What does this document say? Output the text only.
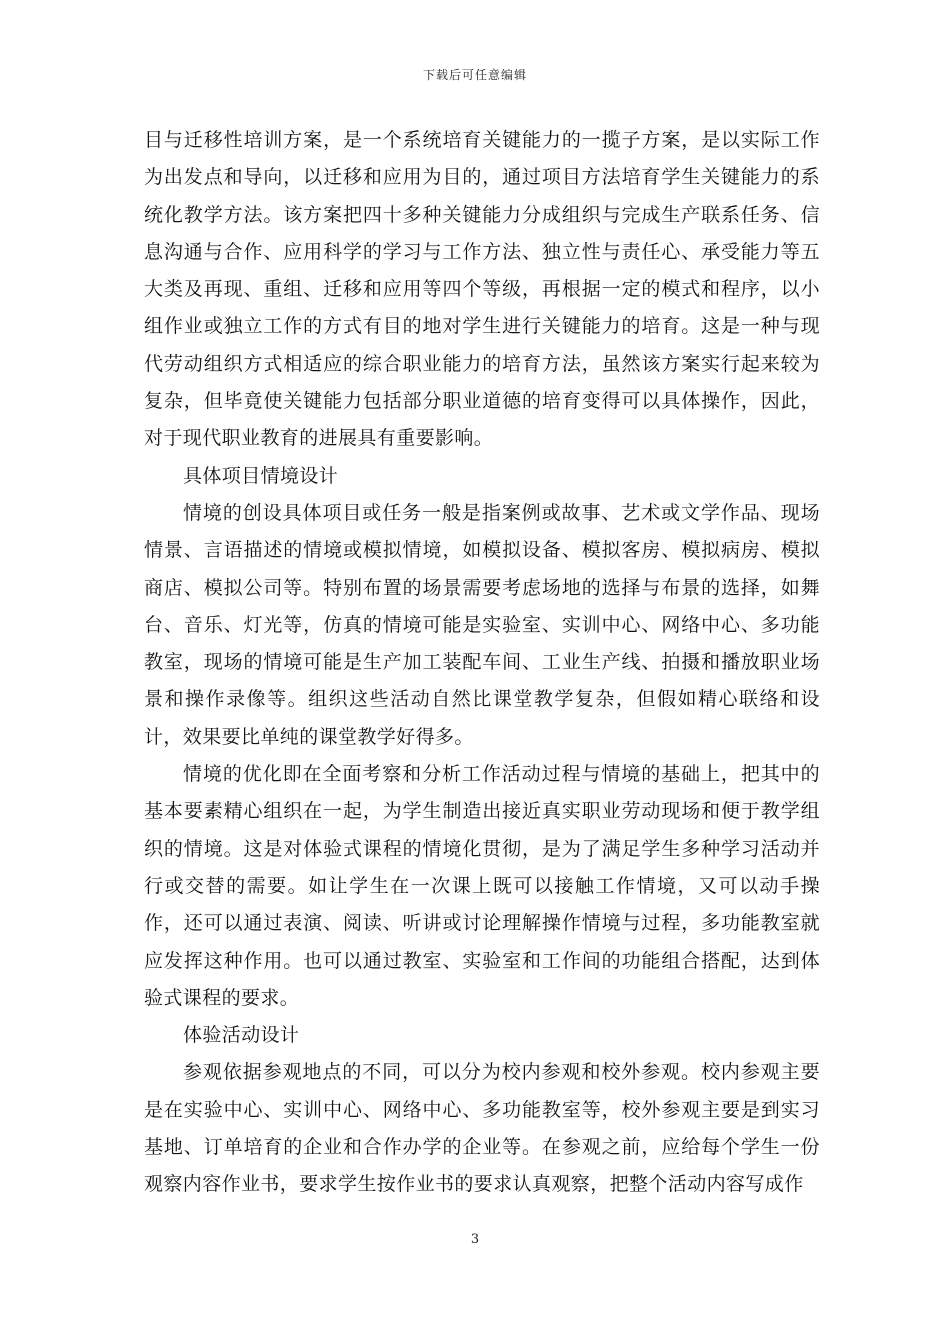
下载后可任意编辑

目与迁移性培训方案，是一个系统培育关键能力的一揽子方案，是以实际工作为出发点和导向，以迁移和应用为目的，通过项目方法培育学生关键能力的系统化教学方法。该方案把四十多种关键能力分成组织与完成生产联系任务、信息沟通与合作、应用科学的学习与工作方法、独立性与责任心、承受能力等五大类及再现、重组、迁移和应用等四个等级，再根据一定的模式和程序，以小组作业或独立工作的方式有目的地对学生进行关键能力的培育。这是一种与现代劳动组织方式相适应的综合职业能力的培育方法，虽然该方案实行起来较为复杂，但毕竟使关键能力包括部分职业道德的培育变得可以具体操作，因此，对于现代职业教育的进展具有重要影响。

具体项目情境设计

情境的创设具体项目或任务一般是指案例或故事、艺术或文学作品、现场情景、言语描述的情境或模拟情境，如模拟设备、模拟客房、模拟病房、模拟商店、模拟公司等。特别布置的场景需要考虑场地的选择与布景的选择，如舞台、音乐、灯光等，仿真的情境可能是实验室、实训中心、网络中心、多功能教室，现场的情境可能是生产加工装配车间、工业生产线、拍摄和播放职业场景和操作录像等。组织这些活动自然比课堂教学复杂，但假如精心联络和设计，效果要比单纯的课堂教学好得多。

情境的优化即在全面考察和分析工作活动过程与情境的基础上，把其中的基本要素精心组织在一起，为学生制造出接近真实职业劳动现场和便于教学组织的情境。这是对体验式课程的情境化贯彻，是为了满足学生多种学习活动并行或交替的需要。如让学生在一次课上既可以接触工作情境，又可以动手操作，还可以通过表演、阅读、听讲或讨论理解操作情境与过程，多功能教室就应发挥这种作用。也可以通过教室、实验室和工作间的功能组合搭配，达到体验式课程的要求。

体验活动设计

参观依据参观地点的不同，可以分为校内参观和校外参观。校内参观主要是在实验中心、实训中心、网络中心、多功能教室等，校外参观主要是到实习基地、订单培育的企业和合作办学的企业等。在参观之前，应给每个学生一份观察内容作业书，要求学生按作业书的要求认真观察，把整个活动内容写成作

3
